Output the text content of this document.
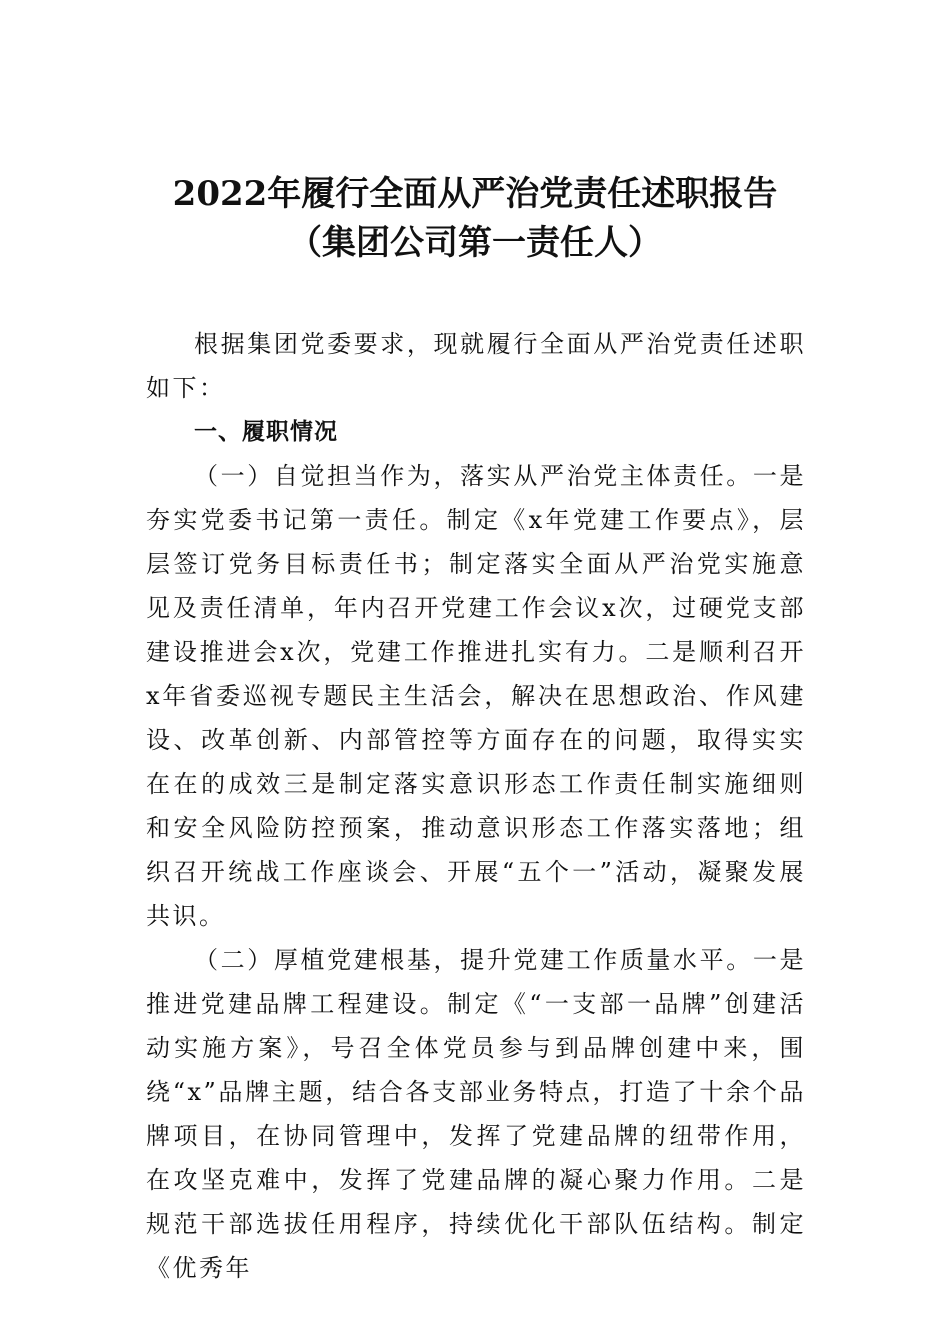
2022年履行全面从严治党责任述职报告
（集团公司第一责任人）

根据集团党委要求，现就履行全面从严治党责任述职如下：

一、履职情况

（一）自觉担当作为，落实从严治党主体责任。一是夯实党委书记第一责任。制定《x年党建工作要点》，层层签订党务目标责任书；制定落实全面从严治党实施意见及责任清单，年内召开党建工作会议x次，过硬党支部建设推进会x次，党建工作推进扎实有力。二是顺利召开x年省委巡视专题民主生活会，解决在思想政治、作风建设、改革创新、内部管控等方面存在的问题，取得实实在在的成效三是制定落实意识形态工作责任制实施细则和安全风险防控预案，推动意识形态工作落实落地；组织召开统战工作座谈会、开展“五个一”活动，凝聚发展共识。

（二）厚植党建根基，提升党建工作质量水平。一是推进党建品牌工程建设。制定《“一支部一品牌”创建活动实施方案》，号召全体党员参与到品牌创建中来，围绕“x”品牌主题，结合各支部业务特点，打造了十余个品牌项目，在协同管理中，发挥了党建品牌的纽带作用，在攻坚克难中，发挥了党建品牌的凝心聚力作用。二是规范干部选拔任用程序，持续优化干部队伍结构。制定《优秀年
